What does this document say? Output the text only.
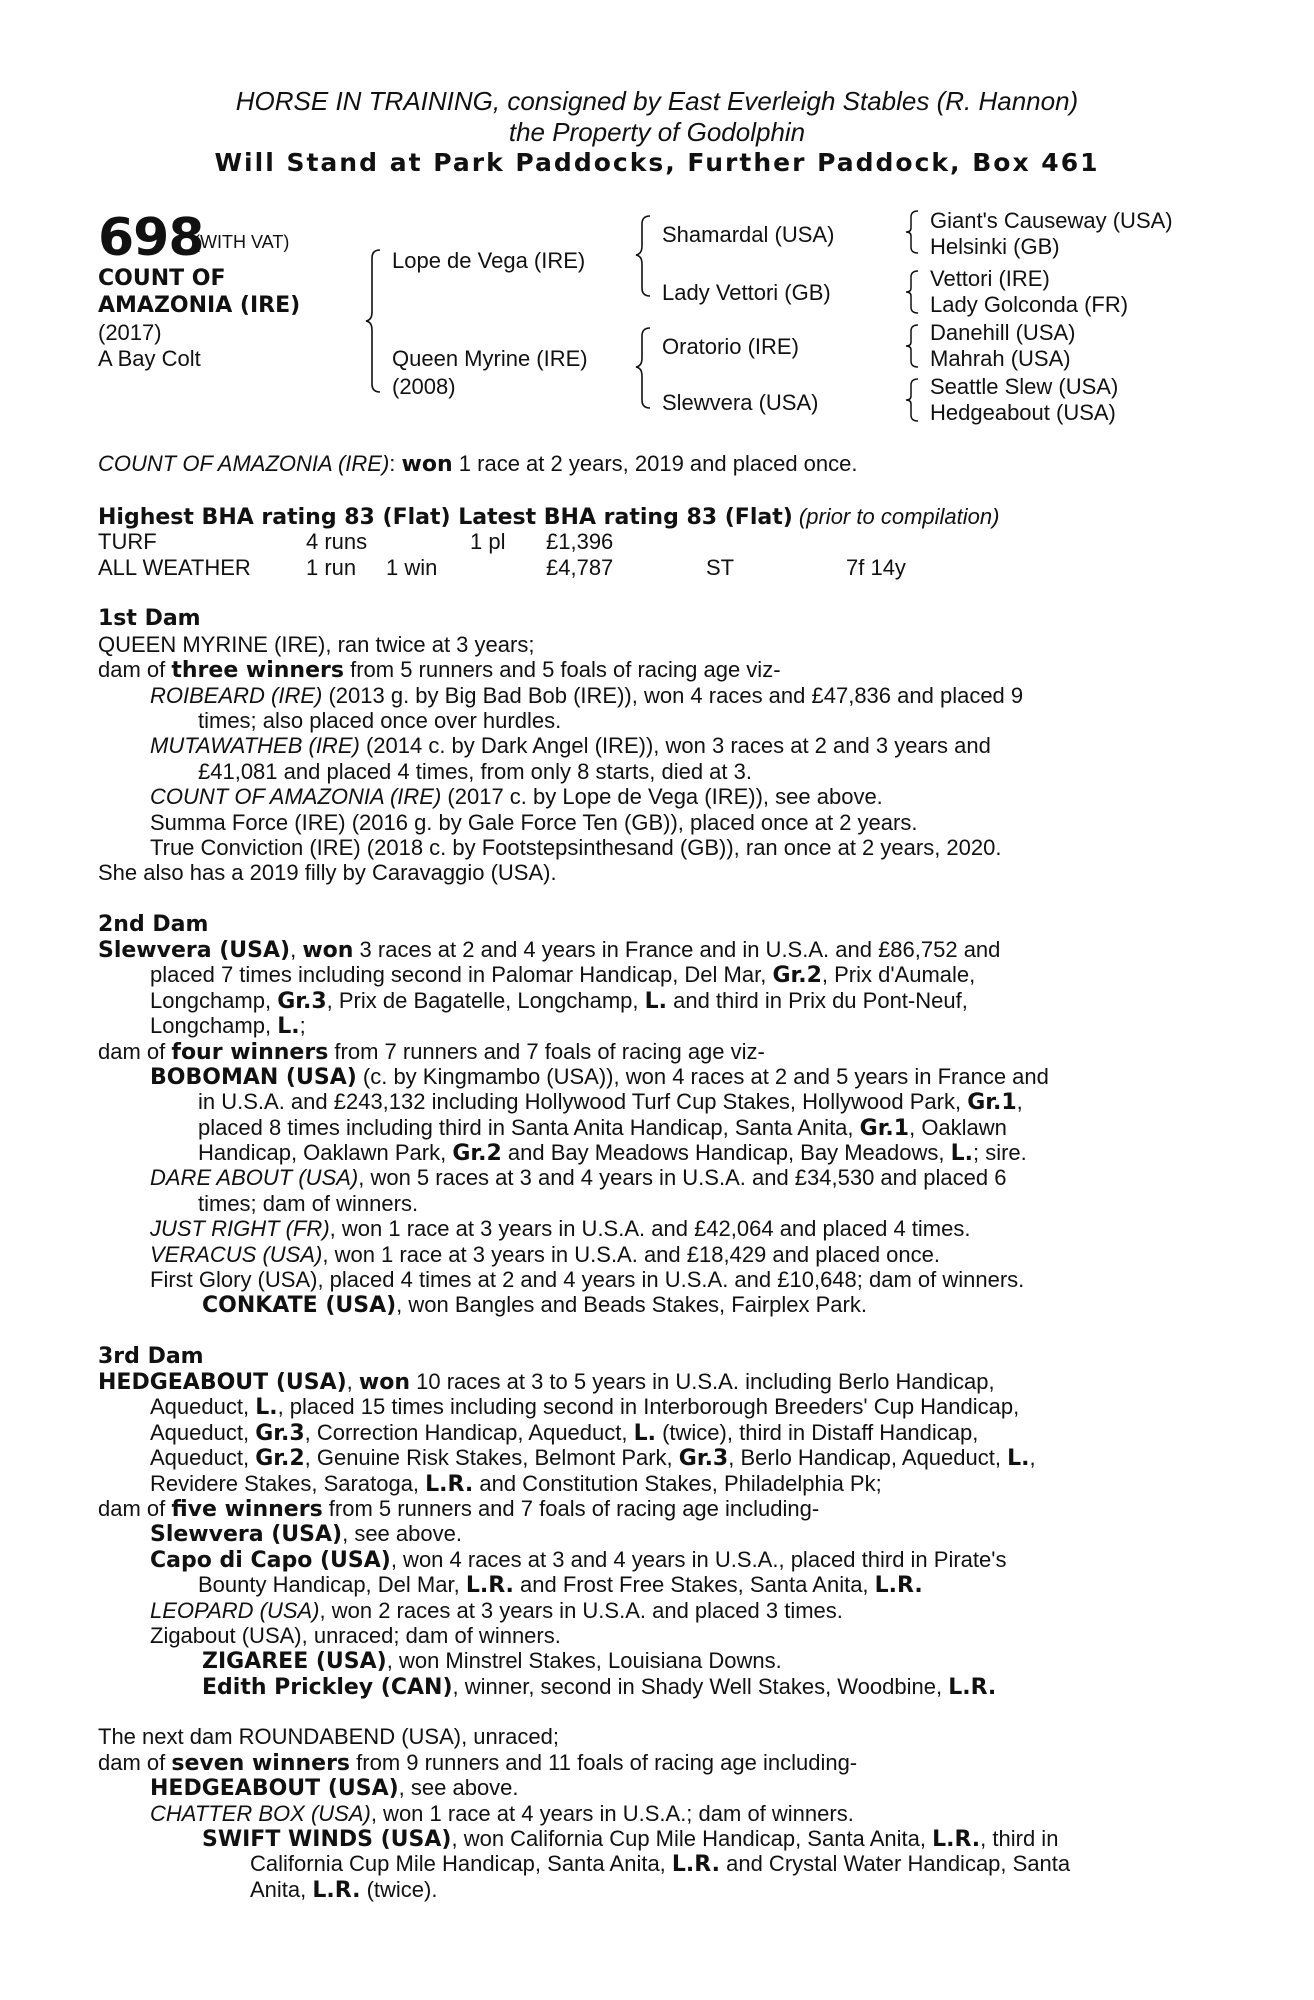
HORSE IN TRAINING, consigned by East Everleigh Stables (R. Hannon)
the Property of Godolphin
Will Stand at Park Paddocks, Further Paddock, Box 461
698
(WITH VAT)
COUNT OF
AMAZONIA (IRE)
(2017)
A Bay Colt
Lope de Vega (IRE)
Queen Myrine (IRE)
(2008)
Shamardal (USA)
Lady Vettori (GB)
Oratorio (IRE)
Slewvera (USA)
Giant's Causeway (USA)
Helsinki (GB)
Vettori (IRE)
Lady Golconda (FR)
Danehill (USA)
Mahrah (USA)
Seattle Slew (USA)
Hedgeabout (USA)
COUNT OF AMAZONIA (IRE): won 1 race at 2 years, 2019 and placed once.
Highest BHA rating 83 (Flat) Latest BHA rating 83 (Flat) (prior to compilation)
TURF	4 runs	1 pl £1,396
ALL WEATHER	1 run 1 win	£4,787	ST	7f 14y
1st Dam
QUEEN MYRINE (IRE), ran twice at 3 years;
dam of three winners from 5 runners and 5 foals of racing age viz-
ROIBEARD (IRE) (2013 g. by Big Bad Bob (IRE)), won 4 races and £47,836 and placed 9
times; also placed once over hurdles.
MUTAWATHEB (IRE) (2014 c. by Dark Angel (IRE)), won 3 races at 2 and 3 years and
£41,081 and placed 4 times, from only 8 starts, died at 3.
COUNT OF AMAZONIA (IRE) (2017 c. by Lope de Vega (IRE)), see above.
Summa Force (IRE) (2016 g. by Gale Force Ten (GB)), placed once at 2 years.
True Conviction (IRE) (2018 c. by Footstepsinthesand (GB)), ran once at 2 years, 2020.
She also has a 2019 filly by Caravaggio (USA).
2nd Dam
Slewvera (USA), won 3 races at 2 and 4 years in France and in U.S.A. and £86,752 and
placed 7 times including second in Palomar Handicap, Del Mar, Gr.2, Prix d'Aumale,
Longchamp, Gr.3, Prix de Bagatelle, Longchamp, L. and third in Prix du Pont-Neuf,
Longchamp, L.;
dam of four winners from 7 runners and 7 foals of racing age viz-
BOBOMAN (USA) (c. by Kingmambo (USA)), won 4 races at 2 and 5 years in France and
in U.S.A. and £243,132 including Hollywood Turf Cup Stakes, Hollywood Park, Gr.1,
placed 8 times including third in Santa Anita Handicap, Santa Anita, Gr.1, Oaklawn
Handicap, Oaklawn Park, Gr.2 and Bay Meadows Handicap, Bay Meadows, L.; sire.
DARE ABOUT (USA), won 5 races at 3 and 4 years in U.S.A. and £34,530 and placed 6
times; dam of winners.
JUST RIGHT (FR), won 1 race at 3 years in U.S.A. and £42,064 and placed 4 times.
VERACUS (USA), won 1 race at 3 years in U.S.A. and £18,429 and placed once.
First Glory (USA), placed 4 times at 2 and 4 years in U.S.A. and £10,648; dam of winners.
CONKATE (USA), won Bangles and Beads Stakes, Fairplex Park.
3rd Dam
HEDGEABOUT (USA), won 10 races at 3 to 5 years in U.S.A. including Berlo Handicap,
Aqueduct, L., placed 15 times including second in Interborough Breeders' Cup Handicap,
Aqueduct, Gr.3, Correction Handicap, Aqueduct, L. (twice), third in Distaff Handicap,
Aqueduct, Gr.2, Genuine Risk Stakes, Belmont Park, Gr.3, Berlo Handicap, Aqueduct, L.,
Revidere Stakes, Saratoga, L.R. and Constitution Stakes, Philadelphia Pk;
dam of five winners from 5 runners and 7 foals of racing age including-
Slewvera (USA), see above.
Capo di Capo (USA), won 4 races at 3 and 4 years in U.S.A., placed third in Pirate's
Bounty Handicap, Del Mar, L.R. and Frost Free Stakes, Santa Anita, L.R.
LEOPARD (USA), won 2 races at 3 years in U.S.A. and placed 3 times.
Zigabout (USA), unraced; dam of winners.
ZIGAREE (USA), won Minstrel Stakes, Louisiana Downs.
Edith Prickley (CAN), winner, second in Shady Well Stakes, Woodbine, L.R.
The next dam ROUNDABEND (USA), unraced;
dam of seven winners from 9 runners and 11 foals of racing age including-
HEDGEABOUT (USA), see above.
CHATTER BOX (USA), won 1 race at 4 years in U.S.A.; dam of winners.
SWIFT WINDS (USA), won California Cup Mile Handicap, Santa Anita, L.R., third in
California Cup Mile Handicap, Santa Anita, L.R. and Crystal Water Handicap, Santa
Anita, L.R. (twice).
